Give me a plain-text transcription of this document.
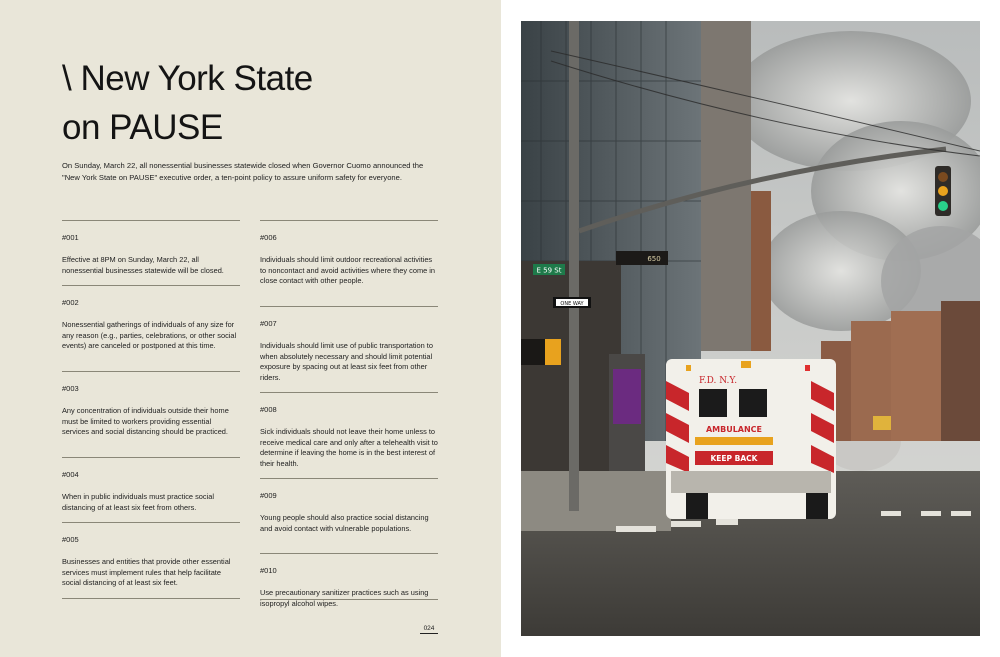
\ New York State
on PAUSE

On Sunday, March 22, all nonessential businesses statewide closed when Governor Cuomo announced the "New York State on PAUSE" executive order, a ten-point policy to assure uniform safety for everyone.

#001
Effective at 8PM on Sunday, March 22, all nonessential businesses statewide will be closed.
#002
Nonessential gatherings of individuals of any size for any reason (e.g., parties, celebrations, or other social events) are canceled or postponed at this time.
#003
Any concentration of individuals outside their home must be limited to workers providing essential services and social distancing should be practiced.
#004
When in public individuals must practice social distancing of at least six feet from others.
#005
Businesses and entities that provide other essential services must implement rules that help facilitate social distancing of at least six feet.
#006
Individuals should limit outdoor recreational activities to noncontact and avoid activities where they come in close contact with other people.
#007
Individuals should limit use of public transportation to when absolutely necessary and should limit potential exposure by spacing out at least six feet from other riders.
#008
Sick individuals should not leave their home unless to receive medical care and only after a telehealth visit to determine if leaving the home is in the best interest of their health.
#009
Young people should also practice social distancing and avoid contact with vulnerable populations.
#010
Use precautionary sanitizer practices such as using isopropyl alcohol wipes.
024
E 59 St
ONE WAY
650
F.D. N.Y.
AMBULANCE
KEEP BACK
